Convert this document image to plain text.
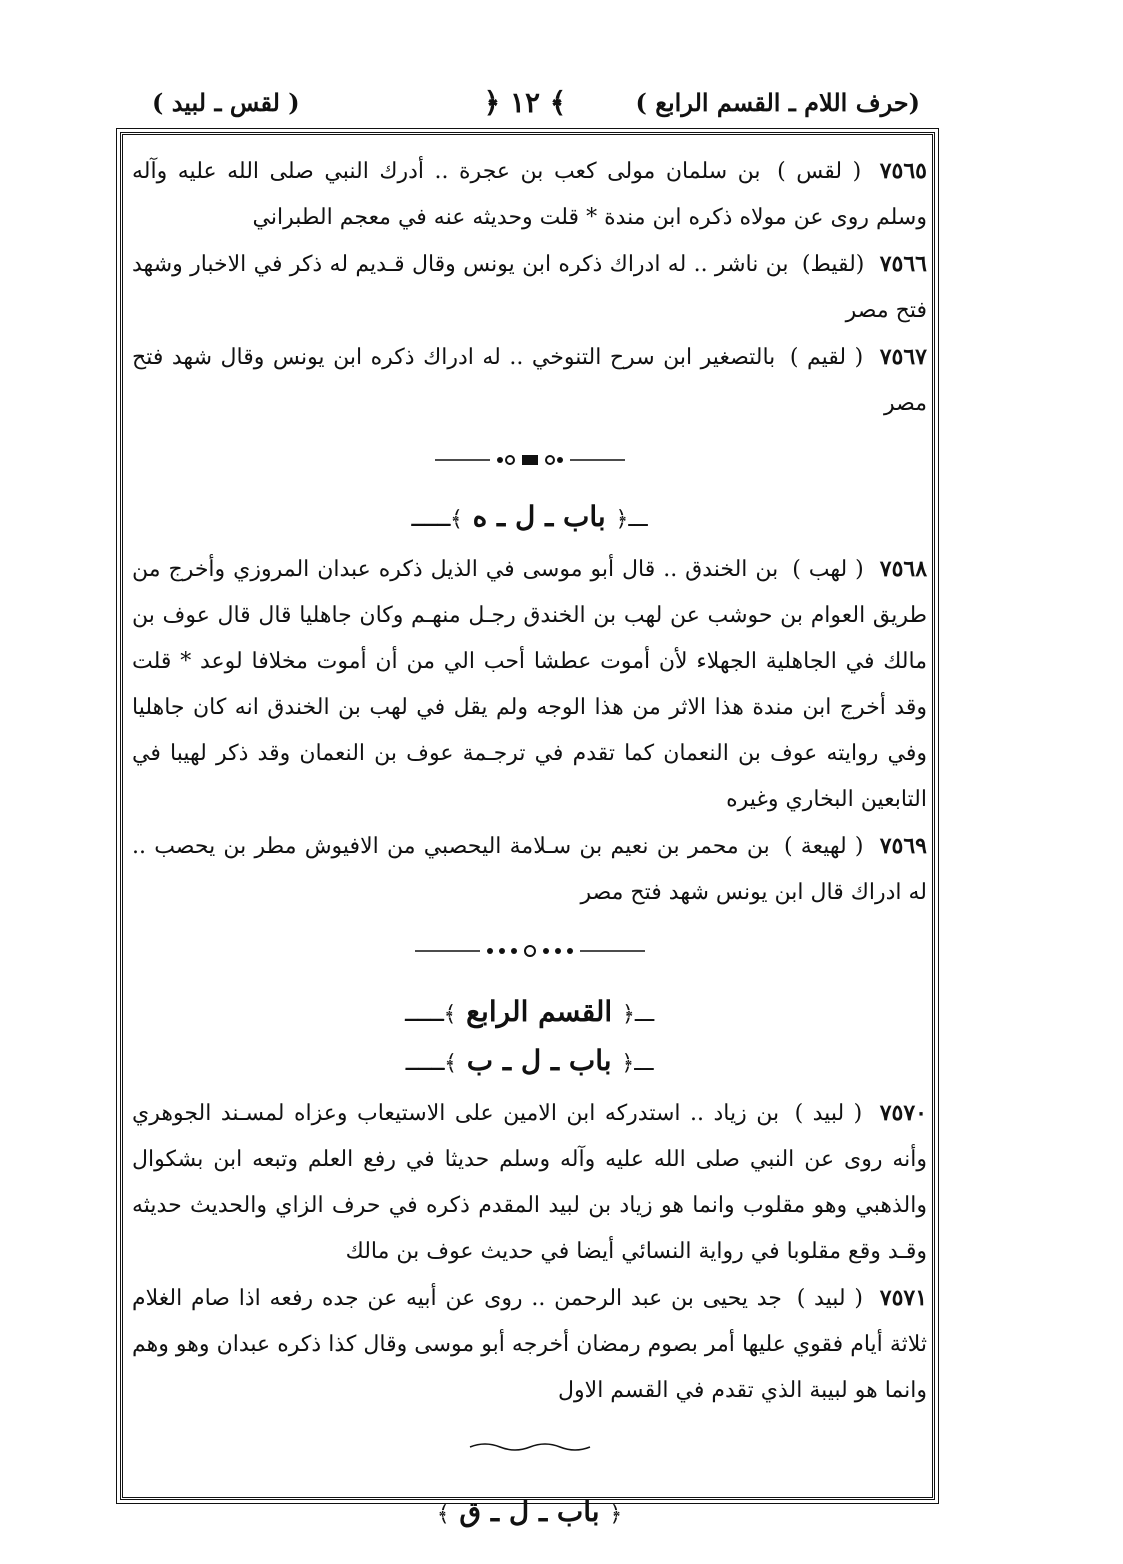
(حرف اللام ـ القسم الرابع )
﴿ ١٢ ﴾
( لقس ـ لبيد )

٧٥٦٥ ( لقس ) بن سلمان مولى كعب بن عجرة .. أدرك النبي صلى الله عليه وآله وسلم روى عن مولاه ذكره ابن مندة * قلت وحديثه عنه في معجم الطبراني

٧٥٦٦ (لقيط) بن ناشر .. له ادراك ذكره ابن يونس وقال قـديم له ذكر في الاخبار وشهد فتح مصر

٧٥٦٧ ( لقيم ) بالتصغير ابن سرح التنوخي .. له ادراك ذكره ابن يونس وقال شهد فتح مصر

ـــ﴿ باب ـ ل ـ ه ﴾ـــ

٧٥٦٨ ( لهب ) بن الخندق .. قال أبو موسى في الذيل ذكره عبدان المروزي وأخرج من طريق العوام بن حوشب عن لهب بن الخندق رجـل منهـم وكان جاهليا قال قال عوف بن مالك في الجاهلية الجهلاء لأن أموت عطشا أحب الي من أن أموت مخلافا لوعد * قلت وقد أخرج ابن مندة هذا الاثر من هذا الوجه ولم يقل في لهب بن الخندق انه كان جاهليا وفي روايته عوف بن النعمان كما تقدم في ترجـمة عوف بن النعمان وقد ذكر لهيبا في التابعين البخاري وغيره

٧٥٦٩ ( لهيعة ) بن محمر بن نعيم بن سـلامة اليحصبي من الافيوش مطر بن يحصب .. له ادراك قال ابن يونس شهد فتح مصر

ـــ﴿ القسم الرابع ﴾ـــ
ـــ﴿ باب ـ ل ـ ب ﴾ـــ

٧٥٧٠ ( لبيد ) بن زياد .. استدركه ابن الامين على الاستيعاب وعزاه لمسـند الجوهري وأنه روى عن النبي صلى الله عليه وآله وسلم حديثا في رفع العلم وتبعه ابن بشكوال والذهبي وهو مقلوب وانما هو زياد بن لبيد المقدم ذكره في حرف الزاي والحديث حديثه وقـد وقع مقلوبا في رواية النسائي أيضا في حديث عوف بن مالك

٧٥٧١ ( لبيد ) جد يحيى بن عبد الرحمن .. روى عن أبيه عن جده رفعه اذا صام الغلام ثلاثة أيام فقوي عليها أمر بصوم رمضان أخرجه أبو موسى وقال كذا ذكره عبدان وهو وهم وانما هو لبيبة الذي تقدم في القسم الاول

﴿ باب ـ ل ـ ق ﴾
